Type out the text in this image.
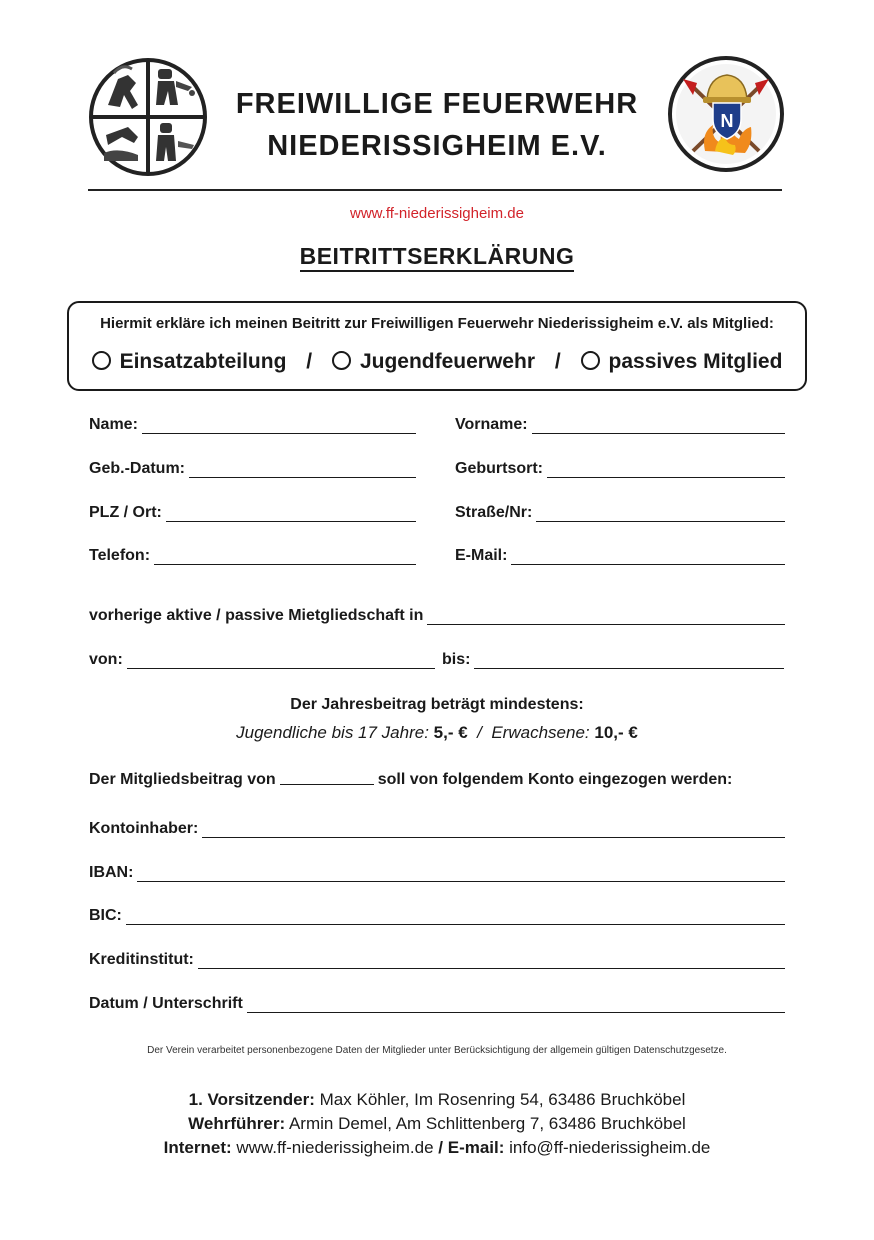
FREIWILLIGE FEUERWEHR
NIEDERISSIGHEIM E.V.
N
www.ff-niederissigheim.de
BEITRITTSERKLÄRUNG
Hiermit erkläre ich meinen Beitritt zur Freiwilligen Feuerwehr Niederissigheim e.V. als Mitglied:
Einsatzabteilung / Jugendfeuerwehr / passives Mitglied
Name:	Vorname:
Geb.-Datum:	Geburtsort:
PLZ / Ort:	Straße/Nr:
Telefon:	E-Mail:
vorherige aktive / passive Mietgliedschaft in
von:	bis:
Der Jahresbeitrag beträgt mindestens:
Jugendliche bis 17 Jahre: 5,- € / Erwachsene: 10,- €
Der Mitgliedsbeitrag von	soll von folgendem Konto eingezogen werden:
Kontoinhaber:
IBAN:
BIC:
Kreditinstitut:
Datum / Unterschrift
Der Verein verarbeitet personenbezogene Daten der Mitglieder unter Berücksichtigung der allgemein gültigen Datenschutzgesetze.
1. Vorsitzender: Max Köhler, Im Rosenring 54, 63486 Bruchköbel
Wehrführer: Armin Demel, Am Schlittenberg 7, 63486 Bruchköbel
Internet: www.ff-niederissigheim.de / E-mail: info@ff-niederissigheim.de
